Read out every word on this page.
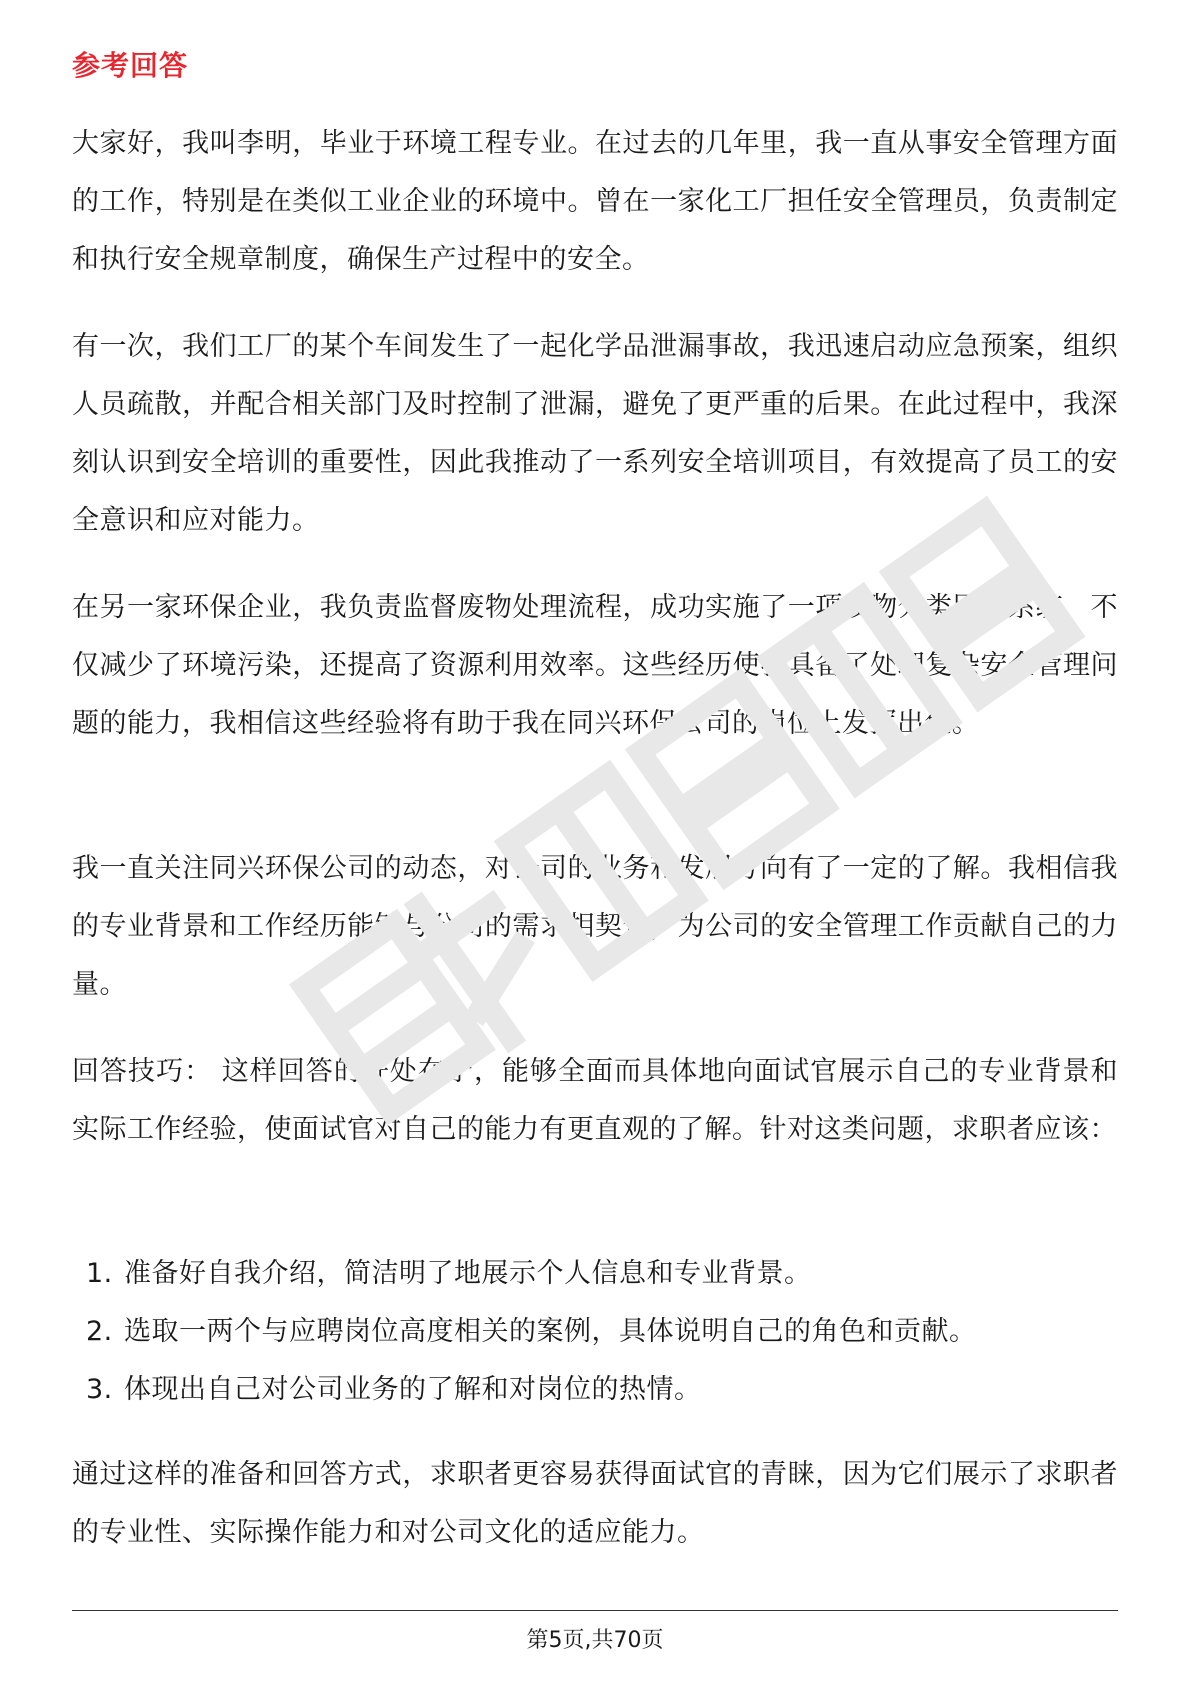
参考回答

大家好，我叫李明，毕业于环境工程专业。在过去的几年里，我一直从事安全管理方面的工作，特别是在类似工业企业的环境中。曾在一家化工厂担任安全管理员，负责制定和执行安全规章制度，确保生产过程中的安全。

有一次，我们工厂的某个车间发生了一起化学品泄漏事故，我迅速启动应急预案，组织人员疏散，并配合相关部门及时控制了泄漏，避免了更严重的后果。在此过程中，我深刻认识到安全培训的重要性，因此我推动了一系列安全培训项目，有效提高了员工的安全意识和应对能力。

在另一家环保企业，我负责监督废物处理流程，成功实施了一项废物分类回收系统，不仅减少了环境污染，还提高了资源利用效率。这些经历使我具备了处理复杂安全管理问题的能力，我相信这些经验将有助于我在同兴环保公司的岗位上发挥出色。

我一直关注同兴环保公司的动态，对公司的业务和发展方向有了一定的了解。我相信我的专业背景和工作经历能够与公司的需求相契合，为公司的安全管理工作贡献自己的力量。

回答技巧： 这样回答的好处在于，能够全面而具体地向面试官展示自己的专业背景和实际工作经验，使面试官对自己的能力有更直观的了解。针对这类问题，求职者应该：

1. 准备好自我介绍，简洁明了地展示个人信息和专业背景。
2. 选取一两个与应聘岗位高度相关的案例，具体说明自己的角色和贡献。
3. 体现出自己对公司业务的了解和对岗位的热情。

通过这样的准备和回答方式，求职者更容易获得面试官的青睐，因为它们展示了求职者的专业性、实际操作能力和对公司文化的适应能力。

第5页,共70页
